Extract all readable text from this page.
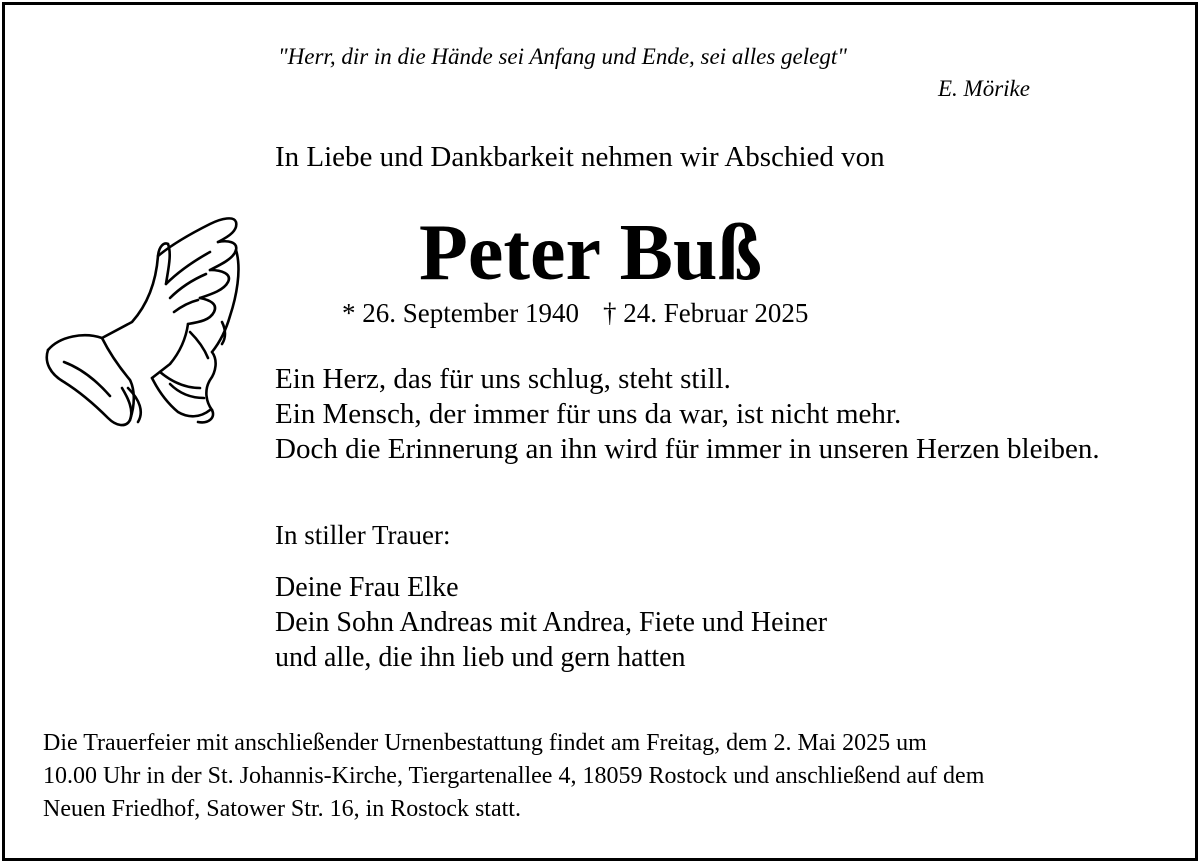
"Herr, dir in die Hände sei Anfang und Ende, sei alles gelegt"
E. Mörike
In Liebe und Dankbarkeit nehmen wir Abschied von
Peter Buß
* 26. September 1940 † 24. Februar 2025
Ein Herz, das für uns schlug, steht still.
Ein Mensch, der immer für uns da war, ist nicht mehr.
Doch die Erinnerung an ihn wird für immer in unseren Herzen bleiben.
In stiller Trauer:
Deine Frau Elke
Dein Sohn Andreas mit Andrea, Fiete und Heiner
und alle, die ihn lieb und gern hatten
Die Trauerfeier mit anschließender Urnenbestattung findet am Freitag, dem 2. Mai 2025 um
10.00 Uhr in der St. Johannis-Kirche, Tiergartenallee 4, 18059 Rostock und anschließend auf dem
Neuen Friedhof, Satower Str. 16, in Rostock statt.
